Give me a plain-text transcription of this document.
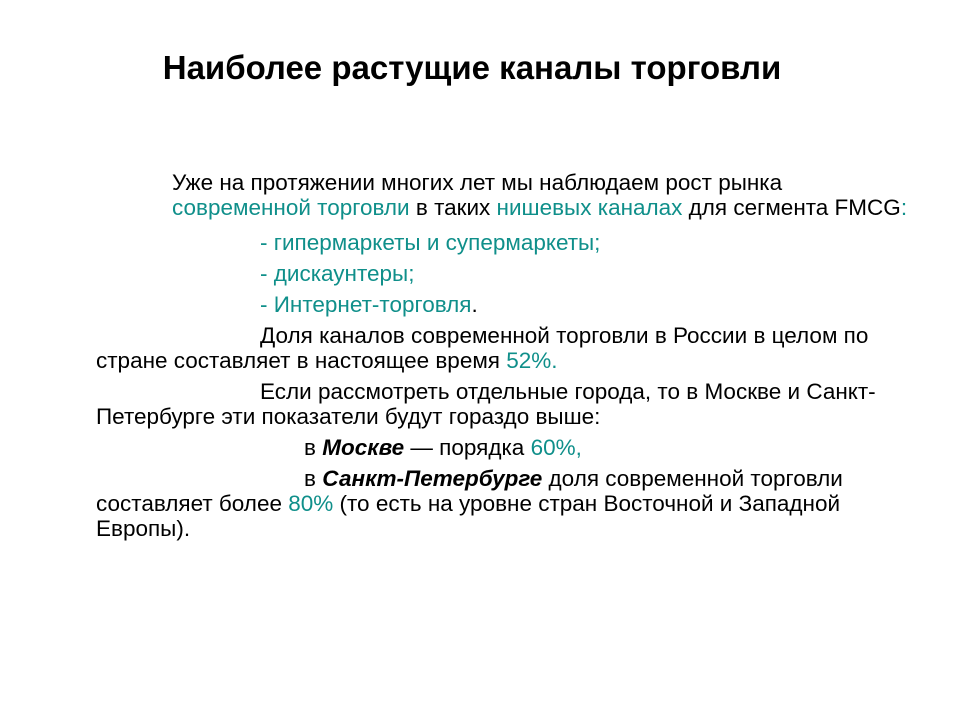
Наиболее растущие каналы торговли

Уже на протяжении многих лет мы наблюдаем рост рынка
современной торговли в таких нишевых каналах для сегмента FMCG:

- гипермаркеты и супермаркеты;
- дискаунтеры;
- Интернет-торговля.

Доля каналов современной торговли в России в целом по стране составляет в настоящее время 52%.

Если рассмотреть отдельные города, то в Москве и Санкт-Петербурге эти показатели будут гораздо выше:

в Москве — порядка 60%,

в Санкт-Петербурге доля современной торговли составляет более 80% (то есть на уровне стран Восточной и Западной Европы).
